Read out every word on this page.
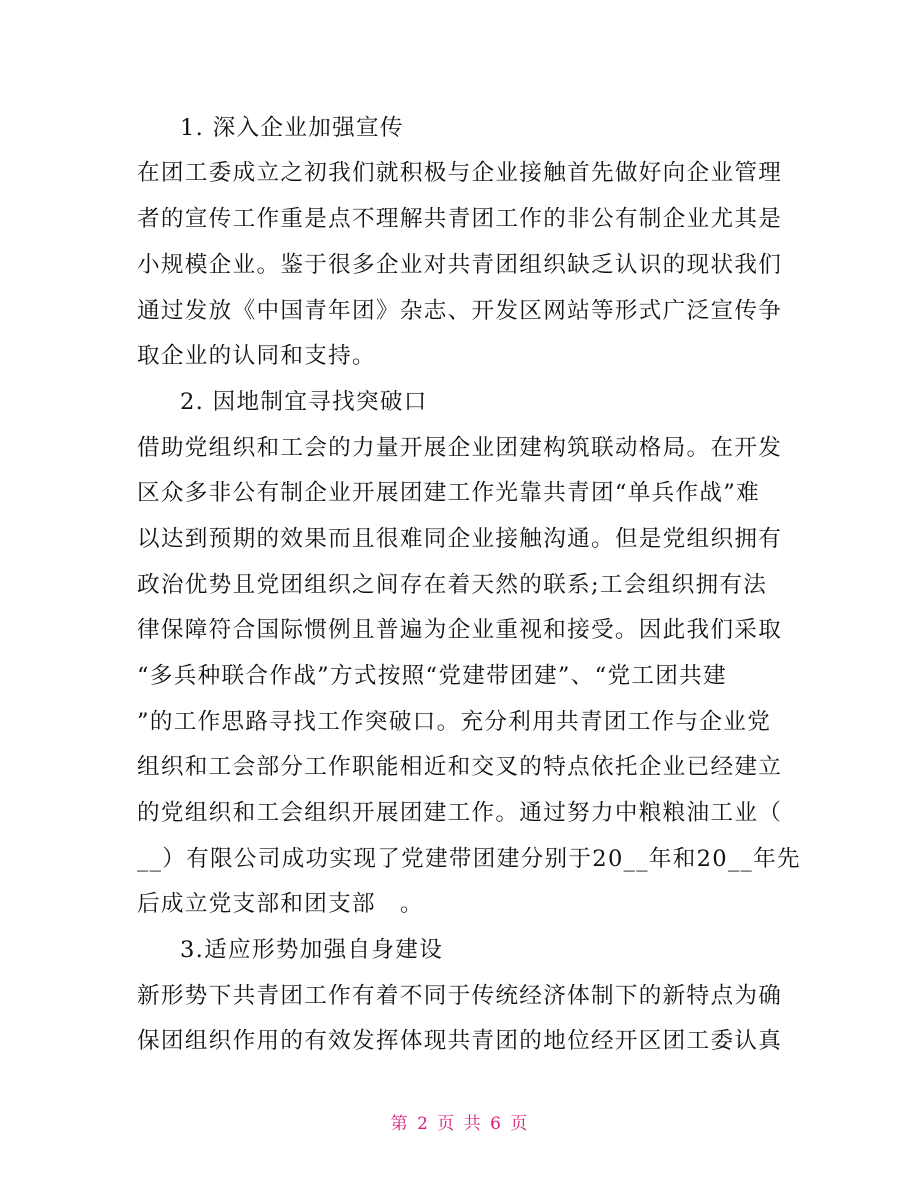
1. 深入企业加强宣传
在团工委成立之初我们就积极与企业接触首先做好向企业管理
者的宣传工作重是点不理解共青团工作的非公有制企业尤其是
小规模企业。鉴于很多企业对共青团组织缺乏认识的现状我们
通过发放《中国青年团》杂志、开发区网站等形式广泛宣传争
取企业的认同和支持。
2. 因地制宜寻找突破口
借助党组织和工会的力量开展企业团建构筑联动格局。在开发
区众多非公有制企业开展团建工作光靠共青团“单兵作战”难
以达到预期的效果而且很难同企业接触沟通。但是党组织拥有
政治优势且党团组织之间存在着天然的联系;工会组织拥有法
律保障符合国际惯例且普遍为企业重视和接受。因此我们采取
“多兵种联合作战”方式按照“党建带团建”、“党工团共建
”的工作思路寻找工作突破口。充分利用共青团工作与企业党
组织和工会部分工作职能相近和交叉的特点依托企业已经建立
的党组织和工会组织开展团建工作。通过努力中粮粮油工业（
__）有限公司成功实现了党建带团建分别于20__年和20__年先
后成立党支部和团支部　。
3.适应形势加强自身建设
新形势下共青团工作有着不同于传统经济体制下的新特点为确
保团组织作用的有效发挥体现共青团的地位经开区团工委认真
第 2 页 共 6 页
